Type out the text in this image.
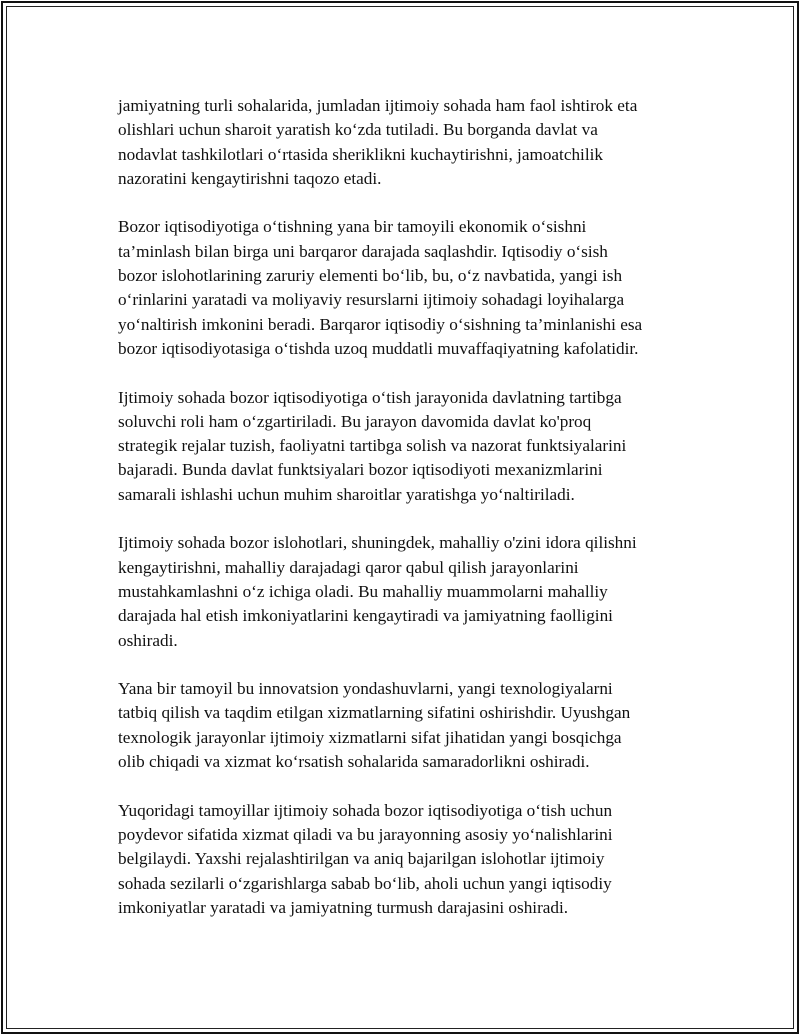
jamiyatning turli sohalarida, jumladan ijtimoiy sohada ham faol ishtirok eta
olishlari uchun sharoit yaratish ko‘zda tutiladi. Bu borganda davlat va
nodavlat tashkilotlari o‘rtasida sheriklikni kuchaytirishni, jamoatchilik
nazoratini kengaytirishni taqozo etadi.

Bozor iqtisodiyotiga o‘tishning yana bir tamoyili ekonomik o‘sishni
ta’minlash bilan birga uni barqaror darajada saqlashdir. Iqtisodiy o‘sish
bozor islohotlarining zaruriy elementi bo‘lib, bu, o‘z navbatida, yangi ish
o‘rinlarini yaratadi va moliyaviy resurslarni ijtimoiy sohadagi loyihalarga
yo‘naltirish imkonini beradi. Barqaror iqtisodiy o‘sishning ta’minlanishi esa
bozor iqtisodiyotasiga o‘tishda uzoq muddatli muvaffaqiyatning kafolatidir.

Ijtimoiy sohada bozor iqtisodiyotiga o‘tish jarayonida davlatning tartibga
soluvchi roli ham o‘zgartiriladi. Bu jarayon davomida davlat ko'proq
strategik rejalar tuzish, faoliyatni tartibga solish va nazorat funktsiyalarini
bajaradi. Bunda davlat funktsiyalari bozor iqtisodiyoti mexanizmlarini
samarali ishlashi uchun muhim sharoitlar yaratishga yo‘naltiriladi.

Ijtimoiy sohada bozor islohotlari, shuningdek, mahalliy o'zini idora qilishni
kengaytirishni, mahalliy darajadagi qaror qabul qilish jarayonlarini
mustahkamlashni o‘z ichiga oladi. Bu mahalliy muammolarni mahalliy
darajada hal etish imkoniyatlarini kengaytiradi va jamiyatning faolligini
oshiradi.

Yana bir tamoyil bu innovatsion yondashuvlarni, yangi texnologiyalarni
tatbiq qilish va taqdim etilgan xizmatlarning sifatini oshirishdir. Uyushgan
texnologik jarayonlar ijtimoiy xizmatlarni sifat jihatidan yangi bosqichga
olib chiqadi va xizmat ko‘rsatish sohalarida samaradorlikni oshiradi.

Yuqoridagi tamoyillar ijtimoiy sohada bozor iqtisodiyotiga o‘tish uchun
poydevor sifatida xizmat qiladi va bu jarayonning asosiy yo‘nalishlarini
belgilaydi. Yaxshi rejalashtirilgan va aniq bajarilgan islohotlar ijtimoiy
sohada sezilarli o‘zgarishlarga sabab bo‘lib, aholi uchun yangi iqtisodiy
imkoniyatlar yaratadi va jamiyatning turmush darajasini oshiradi.
